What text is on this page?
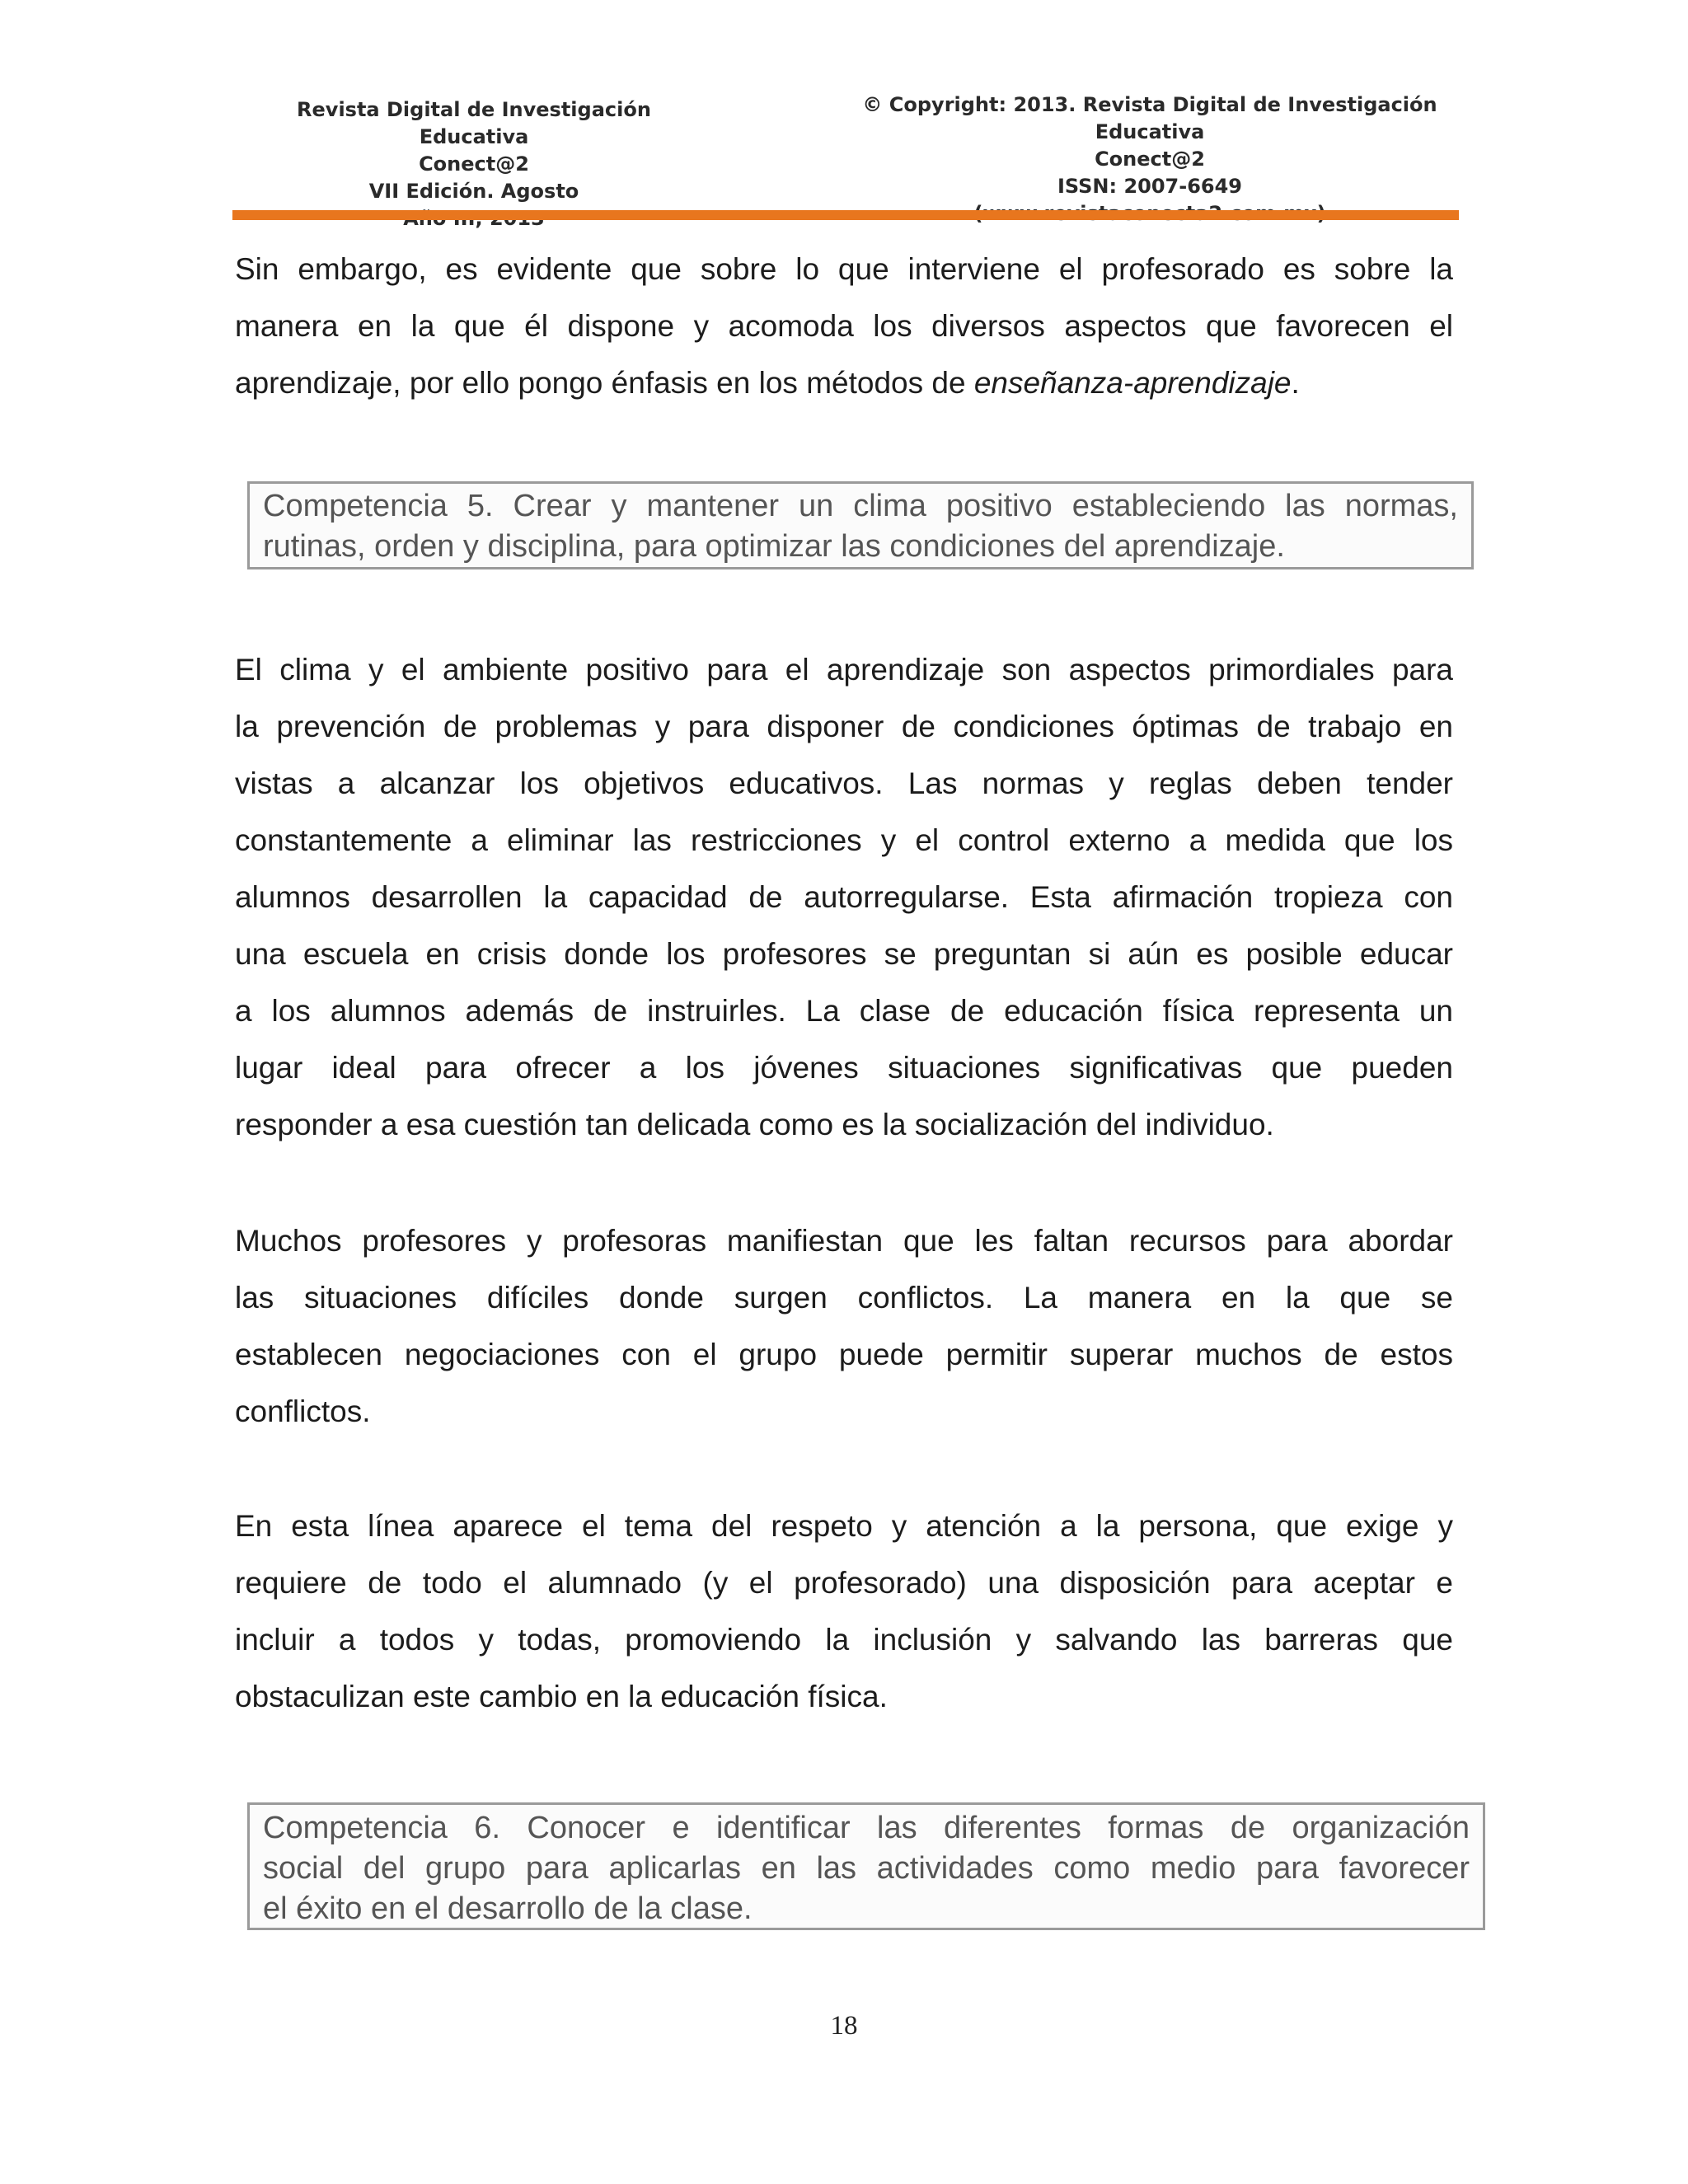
Revista Digital de Investigación Educativa
Conect@2
VII Edición. Agosto
© Copyright: 2013. Revista Digital de Investigación Educativa
Conect@2
ISSN: 2007-6649

Sin embargo, es evidente que sobre lo que interviene el profesorado es sobre la
manera en la que él dispone y acomoda los diversos aspectos que favorecen el
aprendizaje, por ello pongo énfasis en los métodos de enseñanza-aprendizaje.

Competencia 5. Crear y mantener un clima positivo estableciendo las normas,
rutinas, orden y disciplina, para optimizar las condiciones del aprendizaje.

El clima y el ambiente positivo para el aprendizaje son aspectos primordiales para
la prevención de problemas y para disponer de condiciones óptimas de trabajo en
vistas a alcanzar los objetivos educativos. Las normas y reglas deben tender
constantemente a eliminar las restricciones y el control externo a medida que los
alumnos desarrollen la capacidad de autorregularse. Esta afirmación tropieza con
una escuela en crisis donde los profesores se preguntan si aún es posible educar
a los alumnos además de instruirles. La clase de educación física representa un
lugar ideal para ofrecer a los jóvenes situaciones significativas que pueden
responder a esa cuestión tan delicada como es la socialización del individuo.

Muchos profesores y profesoras manifiestan que les faltan recursos para abordar
las situaciones difíciles donde surgen conflictos. La manera en la que se
establecen negociaciones con el grupo puede permitir superar muchos de estos
conflictos.

En esta línea aparece el tema del respeto y atención a la persona, que exige y
requiere de todo el alumnado (y el profesorado) una disposición para aceptar e
incluir a todos y todas, promoviendo la inclusión y salvando las barreras que
obstaculizan este cambio en la educación física.

Competencia 6. Conocer e identificar las diferentes formas de organización
social del grupo para aplicarlas en las actividades como medio para favorecer
el éxito en el desarrollo de la clase.
18
